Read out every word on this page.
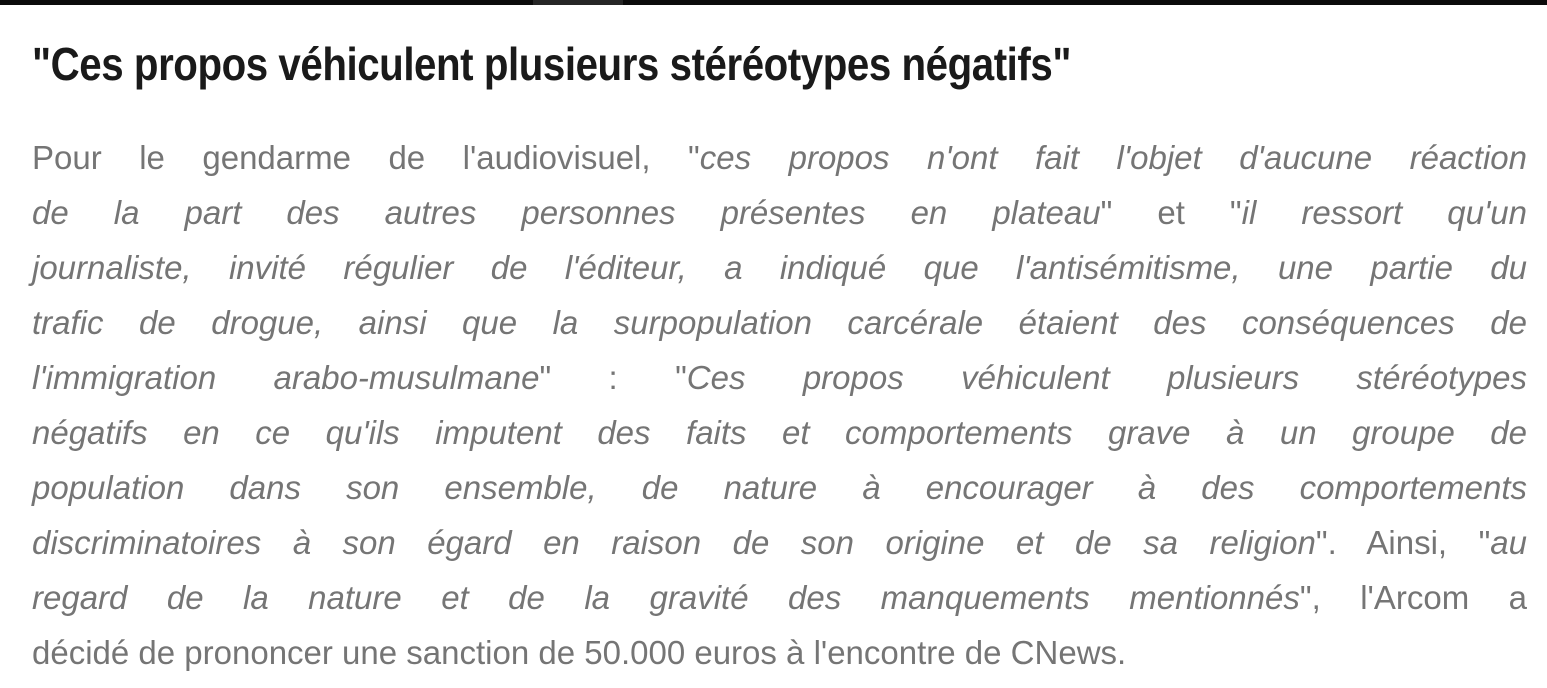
"Ces propos véhiculent plusieurs stéréotypes négatifs"
Pour le gendarme de l'audiovisuel, "ces propos n'ont fait l'objet d'aucune réaction
de la part des autres personnes présentes en plateau" et "il ressort qu'un
journaliste, invité régulier de l'éditeur, a indiqué que l'antisémitisme, une partie du
trafic de drogue, ainsi que la surpopulation carcérale étaient des conséquences de
l'immigration arabo-musulmane" : "Ces propos véhiculent plusieurs stéréotypes
négatifs en ce qu'ils imputent des faits et comportements grave à un groupe de
population dans son ensemble, de nature à encourager à des comportements
discriminatoires à son égard en raison de son origine et de sa religion". Ainsi, "au
regard de la nature et de la gravité des manquements mentionnés", l'Arcom a
décidé de prononcer une sanction de 50.000 euros à l'encontre de CNews.
